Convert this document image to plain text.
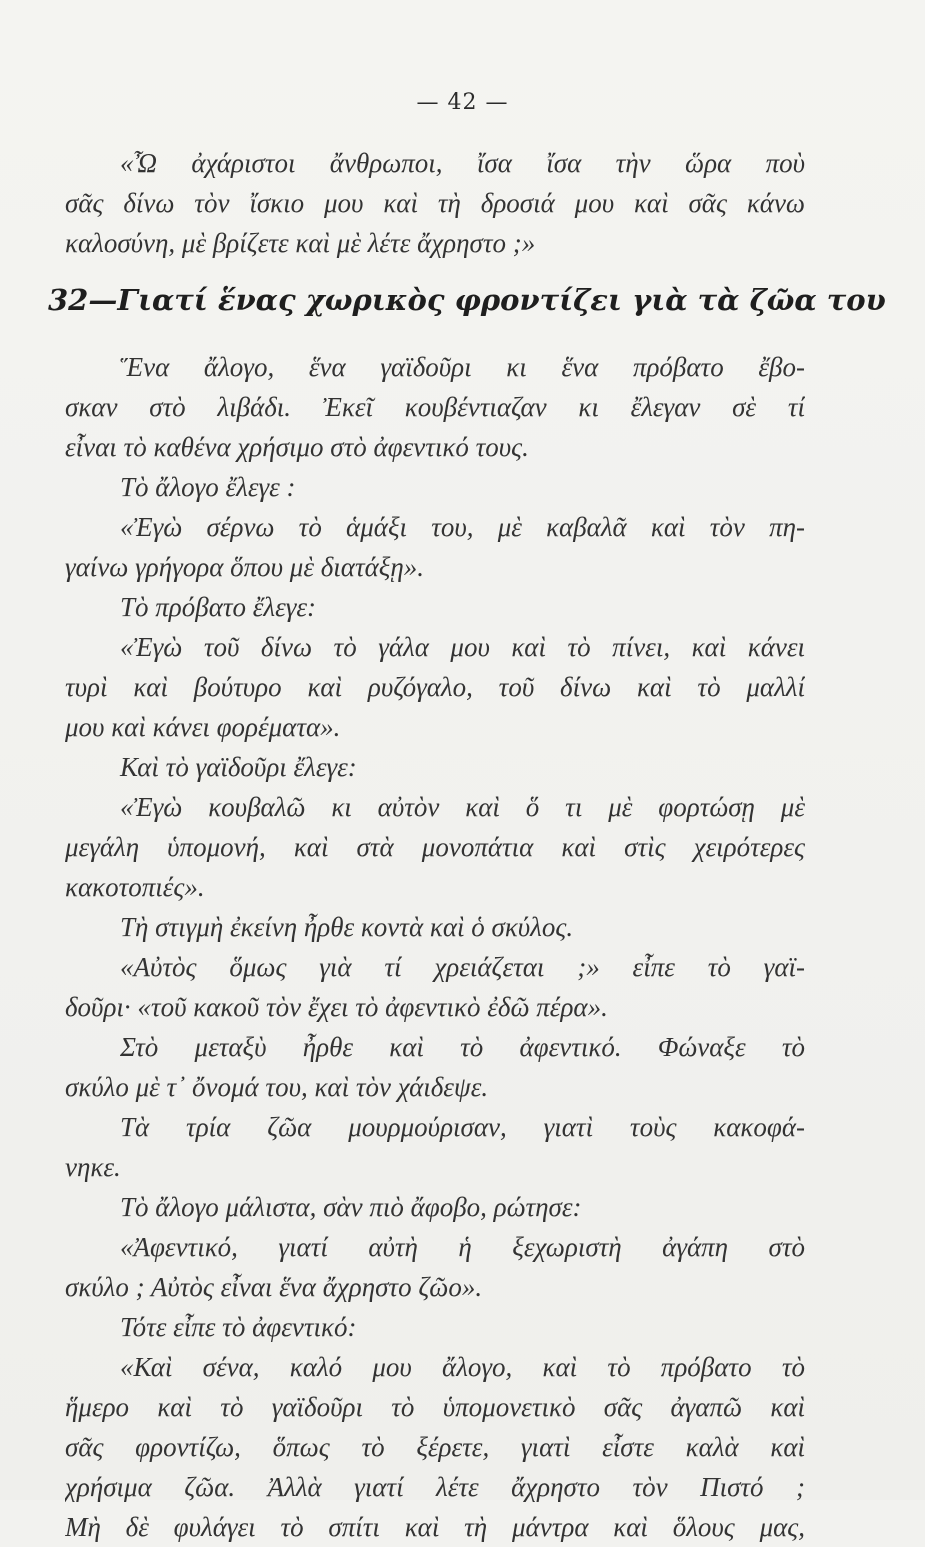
— 42 —
«Ὦ ἀχάριστοι ἄνθρωποι, ἴσα ἴσα τὴν ὥρα ποὺ
σᾶς δίνω τὸν ἴσκιο μου καὶ τὴ δροσιά μου καὶ σᾶς κάνω
καλοσύνη, μὲ βρίζετε καὶ μὲ λέτε ἄχρηστο ;»
32—Γιατί ἕνας χωρικὸς φροντίζει γιὰ τὰ ζῶα του
Ἕνα ἄλογο, ἕνα γαϊδοῦρι κι ἕνα πρόβατο ἔβο-
σκαν στὸ λιβάδι. Ἐκεῖ κουβέντιαζαν κι ἔλεγαν σὲ τί
εἶναι τὸ καθένα χρήσιμο στὸ ἀφεντικό τους.
Τὸ ἄλογο ἔλεγε :
«Ἐγὼ σέρνω τὸ ἁμάξι του, μὲ καβαλᾶ καὶ τὸν πη-
γαίνω γρήγορα ὅπου μὲ διατάξῃ».
Τὸ πρόβατο ἔλεγε:
«Ἐγὼ τοῦ δίνω τὸ γάλα μου καὶ τὸ πίνει, καὶ κάνει
τυρὶ καὶ βούτυρο καὶ ρυζόγαλο, τοῦ δίνω καὶ τὸ μαλλί
μου καὶ κάνει φορέματα».
Καὶ τὸ γαϊδοῦρι ἔλεγε:
«Ἐγὼ κουβαλῶ κι αὐτὸν καὶ ὅ τι μὲ φορτώσῃ μὲ
μεγάλη ὑπομονή, καὶ στὰ μονοπάτια καὶ στὶς χειρότερες
κακοτοπιές».
Τὴ στιγμὴ ἐκείνη ἦρθε κοντὰ καὶ ὁ σκύλος.
«Αὐτὸς ὅμως γιὰ τί χρειάζεται ;» εἶπε τὸ γαϊ-
δοῦρι· «τοῦ κακοῦ τὸν ἔχει τὸ ἀφεντικὸ ἐδῶ πέρα».
Στὸ μεταξὺ ἦρθε καὶ τὸ ἀφεντικό. Φώναξε τὸ
σκύλο μὲ τ᾽ ὄνομά του, καὶ τὸν χάιδεψε.
Τὰ τρία ζῶα μουρμούρισαν, γιατὶ τοὺς κακοφά-
νηκε.
Τὸ ἄλογο μάλιστα, σὰν πιὸ ἄφοβο, ρώτησε:
«Ἀφεντικό, γιατί αὐτὴ ἡ ξεχωριστὴ ἀγάπη στὸ
σκύλο ; Αὐτὸς εἶναι ἕνα ἄχρηστο ζῶο».
Τότε εἶπε τὸ ἀφεντικό:
«Καὶ σένα, καλό μου ἄλογο, καὶ τὸ πρόβατο τὸ
ἥμερο καὶ τὸ γαϊδοῦρι τὸ ὑπομονετικὸ σᾶς ἀγαπῶ καὶ
σᾶς φροντίζω, ὅπως τὸ ξέρετε, γιατὶ εἶστε καλὰ καὶ
χρήσιμα ζῶα. Ἀλλὰ γιατί λέτε ἄχρηστο τὸν Πιστό ;
Μὴ δὲ φυλάγει τὸ σπίτι καὶ τὴ μάντρα καὶ ὅλους μας,
